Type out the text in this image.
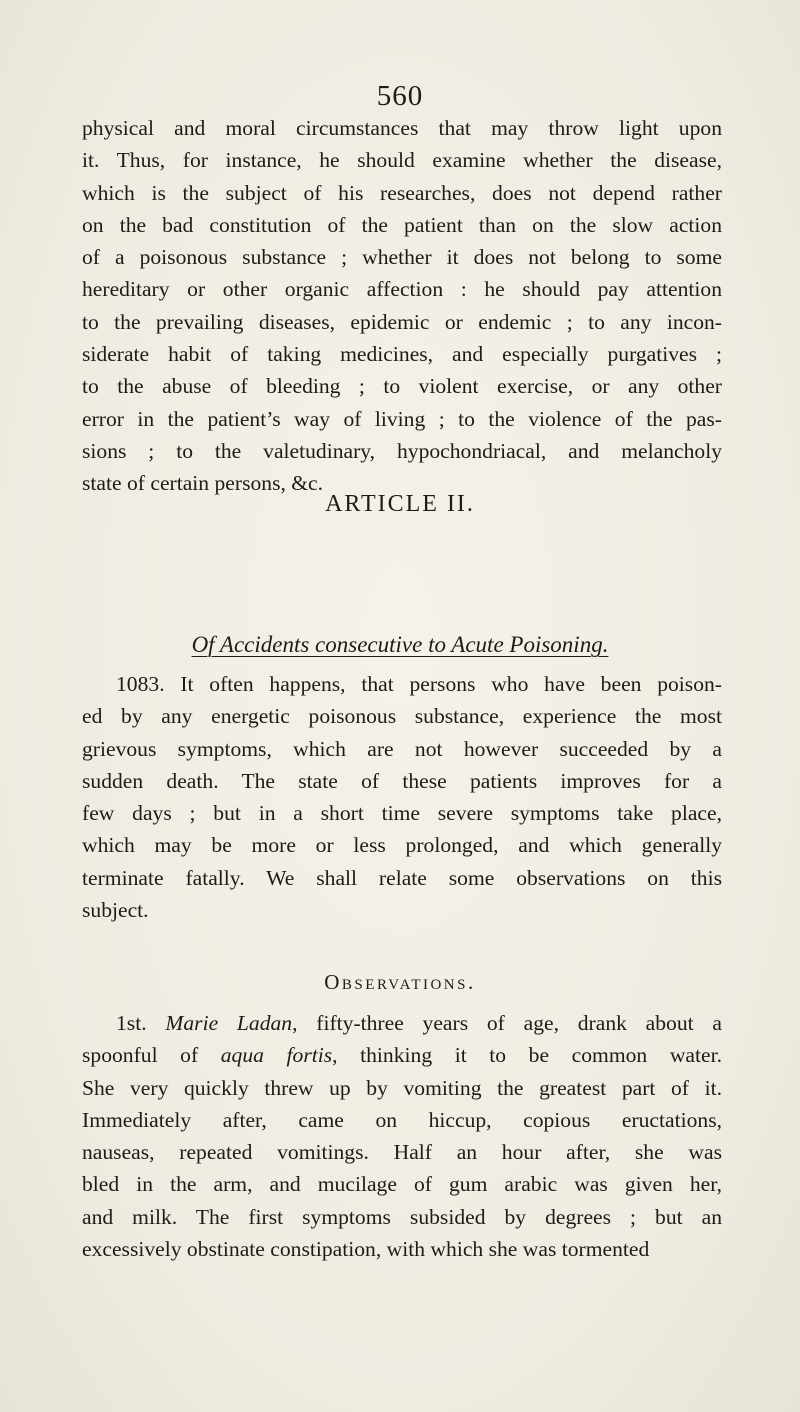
560

physical and moral circumstances that may throw light upon

it. Thus, for instance, he should examine whether the disease,

which is the subject of his researches, does not depend rather

on the bad constitution of the patient than on the slow action

of a poisonous substance ; whether it does not belong to some

hereditary or other organic affection : he should pay attention

to the prevailing diseases, epidemic or endemic ; to any incon-

siderate habit of taking medicines, and especially purgatives ;

to the abuse of bleeding ; to violent exercise, or any other

error in the patient’s way of living ; to the violence of the pas-

sions ; to the valetudinary, hypochondriacal, and melancholy

state of certain persons, &c.

ARTICLE II.
Of Accidents consecutive to Acute Poisoning.

1083. It often happens, that persons who have been poison-

ed by any energetic poisonous substance, experience the most

grievous symptoms, which are not however succeeded by a

sudden death. The state of these patients improves for a

few days ; but in a short time severe symptoms take place,

which may be more or less prolonged, and which generally

terminate fatally. We shall relate some observations on this

subject.

Observations.

1st. Marie Ladan, fifty-three years of age, drank about a

spoonful of aqua fortis, thinking it to be common water.

She very quickly threw up by vomiting the greatest part of it.

Immediately after, came on hiccup, copious eructations,

nauseas, repeated vomitings. Half an hour after, she was

bled in the arm, and mucilage of gum arabic was given her,

and milk. The first symptoms subsided by degrees ; but an

excessively obstinate constipation, with which she was tormented
